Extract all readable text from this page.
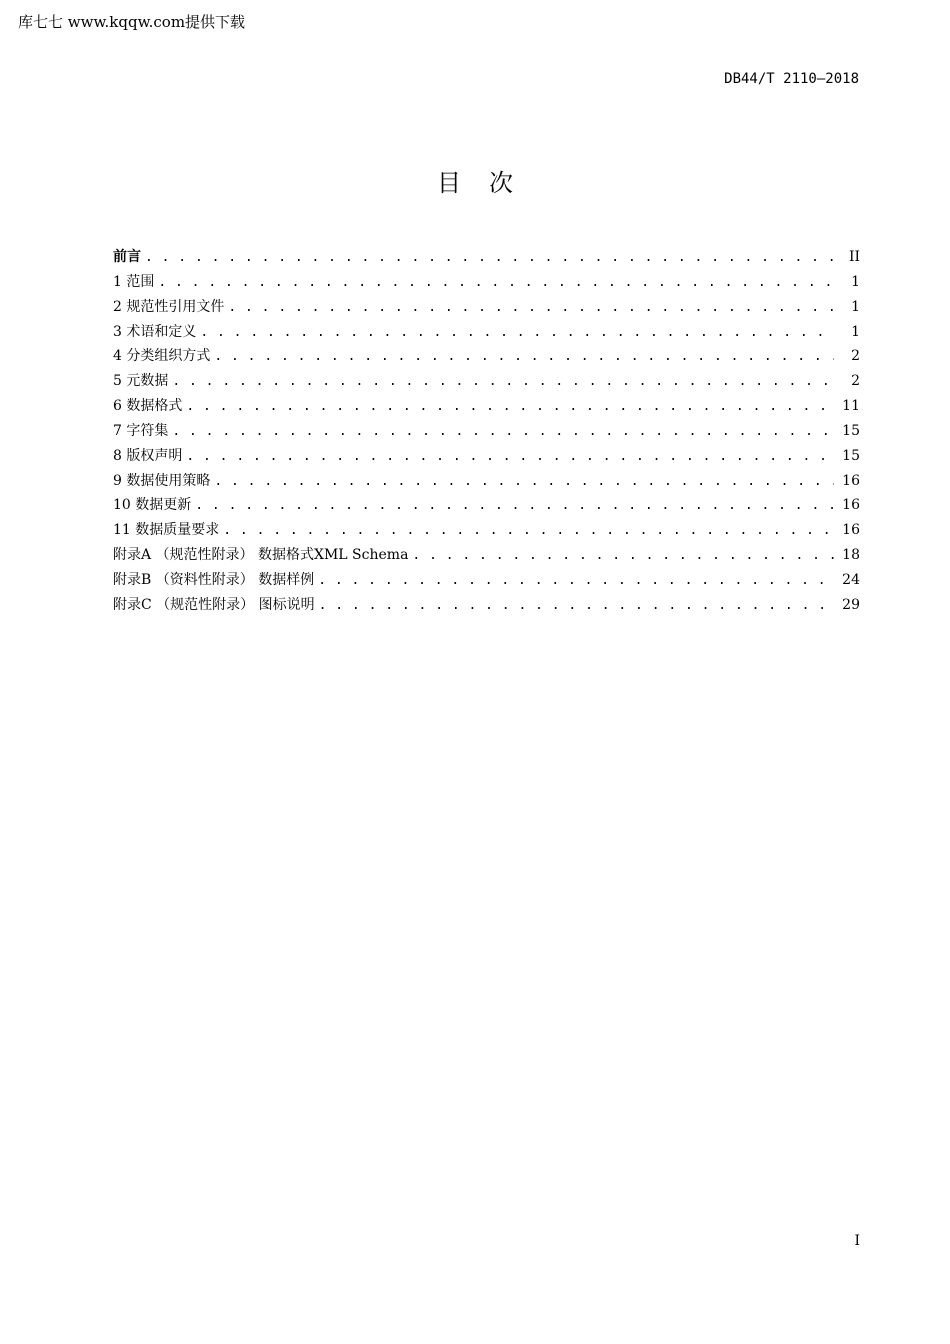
库七七 www.kqqw.com提供下载
DB44/T 2110—2018
目 次
前言 . . .	II
1 范围 . . .	1
2 规范性引用文件 . . .	1
3 术语和定义 . . .	1
4 分类组织方式 . . .	2
5 元数据 . . .	2
6 数据格式 . . .	11
7 字符集 . . .	15
8 版权声明 . . .	15
9 数据使用策略 . . .	16
10 数据更新 . . .	16
11 数据质量要求 . . .	16
附录A （规范性附录） 数据格式XML Schema . . .	18
附录B （资料性附录） 数据样例 . . .	24
附录C （规范性附录） 图标说明 . . .	29
I
